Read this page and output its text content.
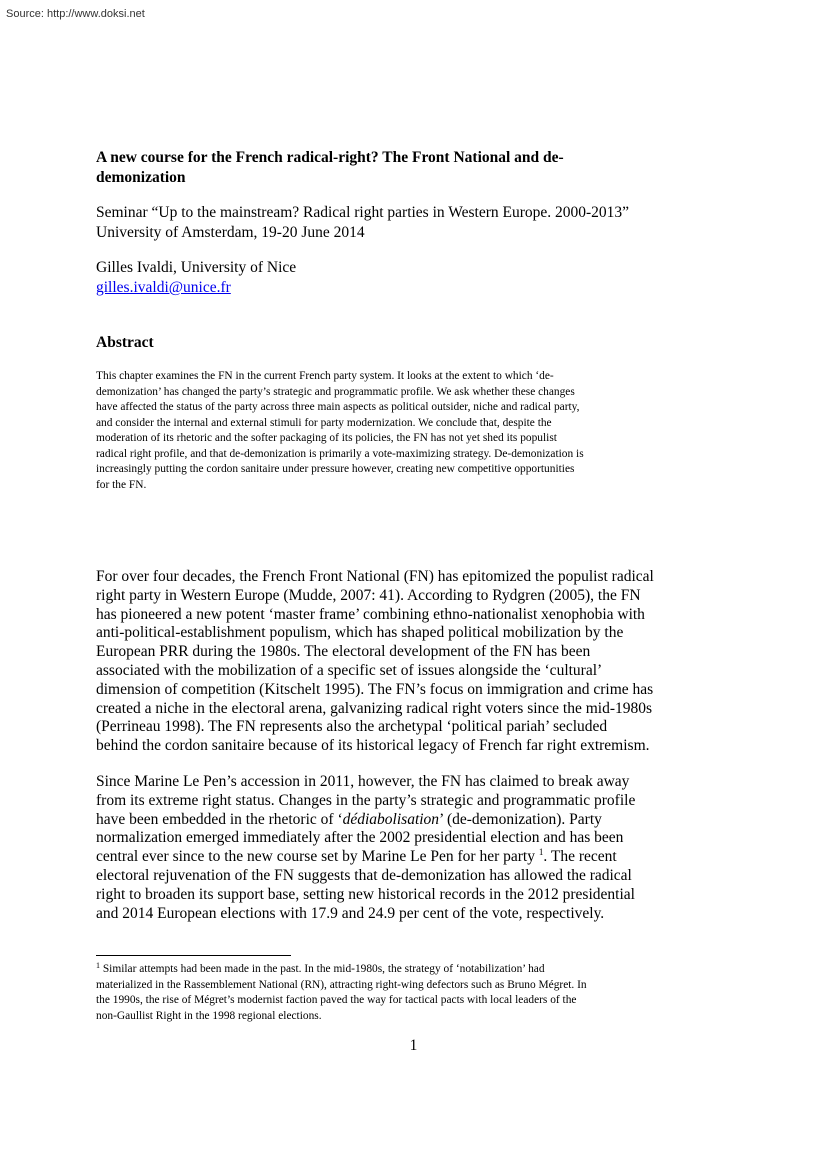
Source: http://www.doksi.net
A new course for the French radical-right? The Front National and de-
demonization
Seminar “Up to the mainstream? Radical right parties in Western Europe. 2000-2013”
University of Amsterdam, 19-20 June 2014
Gilles Ivaldi, University of Nice
gilles.ivaldi@unice.fr
Abstract
This chapter examines the FN in the current French party system. It looks at the extent to which ‘de-
demonization’ has changed the party’s strategic and programmatic profile. We ask whether these changes
have affected the status of the party across three main aspects as political outsider, niche and radical party,
and consider the internal and external stimuli for party modernization. We conclude that, despite the
moderation of its rhetoric and the softer packaging of its policies, the FN has not yet shed its populist
radical right profile, and that de-demonization is primarily a vote-maximizing strategy. De-demonization is
increasingly putting the cordon sanitaire under pressure however, creating new competitive opportunities
for the FN.
For over four decades, the French Front National (FN) has epitomized the populist radical
right party in Western Europe (Mudde, 2007: 41). According to Rydgren (2005), the FN
has pioneered a new potent ‘master frame’ combining ethno-nationalist xenophobia with
anti-political-establishment populism, which has shaped political mobilization by the
European PRR during the 1980s. The electoral development of the FN has been
associated with the mobilization of a specific set of issues alongside the ‘cultural’
dimension of competition (Kitschelt 1995). The FN’s focus on immigration and crime has
created a niche in the electoral arena, galvanizing radical right voters since the mid-1980s
(Perrineau 1998). The FN represents also the archetypal ‘political pariah’ secluded
behind the cordon sanitaire because of its historical legacy of French far right extremism.
Since Marine Le Pen’s accession in 2011, however, the FN has claimed to break away
from its extreme right status. Changes in the party’s strategic and programmatic profile
have been embedded in the rhetoric of ‘dédiabolisation’ (de-demonization). Party
normalization emerged immediately after the 2002 presidential election and has been
central ever since to the new course set by Marine Le Pen for her party $^1$. The recent
electoral rejuvenation of the FN suggests that de-demonization has allowed the radical
right to broaden its support base, setting new historical records in the 2012 presidential
and 2014 European elections with 17.9 and 24.9 per cent of the vote, respectively.
$^1$ Similar attempts had been made in the past. In the mid-1980s, the strategy of ‘notabilization’ had
materialized in the Rassemblement National (RN), attracting right-wing defectors such as Bruno Mégret. In
the 1990s, the rise of Mégret’s modernist faction paved the way for tactical pacts with local leaders of the
non-Gaullist Right in the 1998 regional elections.
1
